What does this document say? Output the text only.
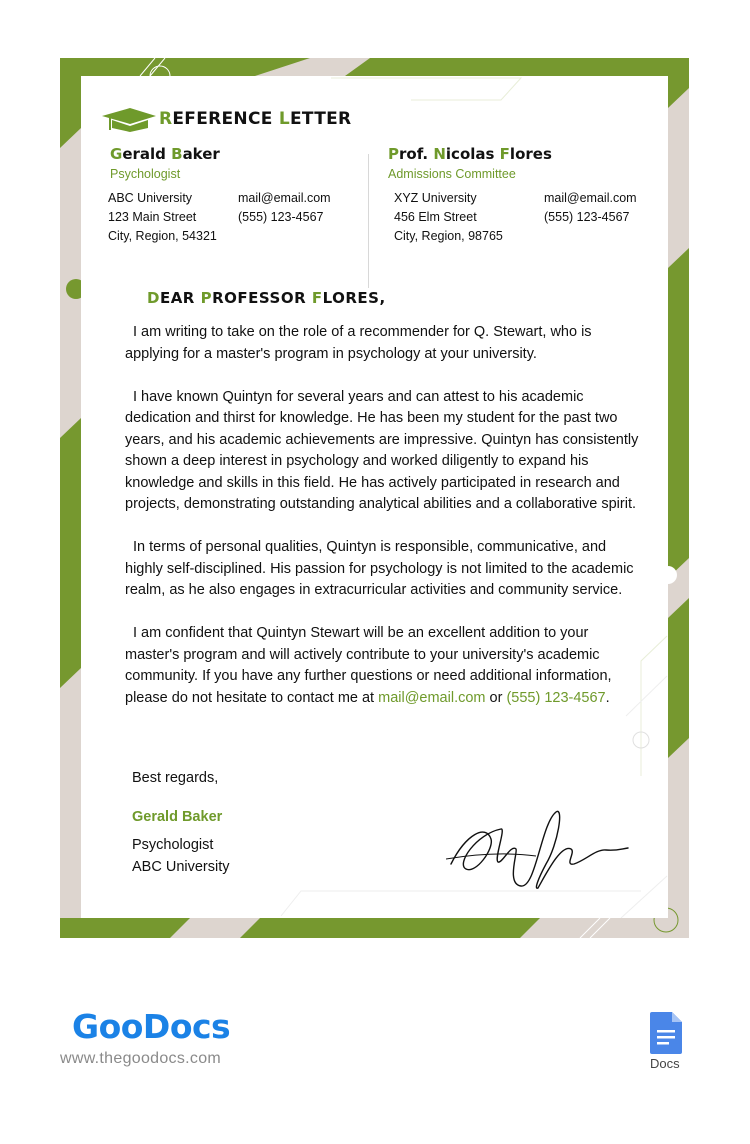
REFERENCE LETTER
Gerald Baker
Psychologist
ABC University
123 Main Street
City, Region, 54321
mail@email.com
(555) 123-4567
Prof. Nicolas Flores
Admissions Committee
XYZ University
456 Elm Street
City, Region, 98765
mail@email.com
(555) 123-4567
DEAR PROFESSOR FLORES,

I am writing to take on the role of a recommender for Q. Stewart, who is applying for a master's program in psychology at your university.

I have known Quintyn for several years and can attest to his academic dedication and thirst for knowledge. He has been my student for the past two years, and his academic achievements are impressive. Quintyn has consistently shown a deep interest in psychology and worked diligently to expand his knowledge and skills in this field. He has actively participated in research and projects, demonstrating outstanding analytical abilities and a collaborative spirit.

In terms of personal qualities, Quintyn is responsible, communicative, and highly self-disciplined. His passion for psychology is not limited to the academic realm, as he also engages in extracurricular activities and community service.

I am confident that Quintyn Stewart will be an excellent addition to your master's program and will actively contribute to your university's academic community. If you have any further questions or need additional information, please do not hesitate to contact me at mail@email.com or (555) 123-4567.

Best regards,
Gerald Baker
Psychologist
ABC University
GooDocs
www.thegoodocs.com	Docs
